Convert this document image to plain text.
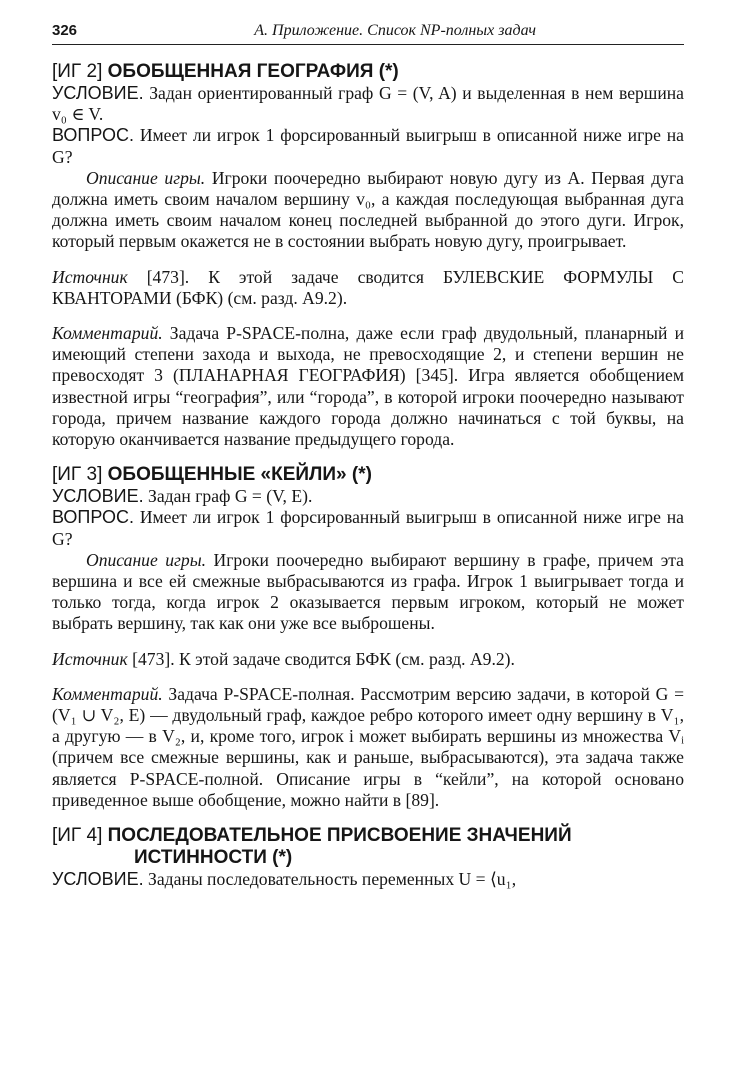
326	А. Приложение. Список NP-полных задач
[ИГ 2] ОБОБЩЕННАЯ ГЕОГРАФИЯ (*)

УСЛОВИЕ. Задан ориентированный граф G = (V, A) и выделенная в нем вершина v₀ ∈ V.

ВОПРОС. Имеет ли игрок 1 форсированный выигрыш в описанной ниже игре на G?

Описание игры. Игроки поочередно выбирают новую дугу из A. Первая дуга должна иметь своим началом вершину v₀, а каждая последующая выбранная дуга должна иметь своим началом конец последней выбранной до этого дуги. Игрок, который первым окажется не в состоянии выбрать новую дугу, проигрывает.

Источник [473]. К этой задаче сводится БУЛЕВСКИЕ ФОРМУЛЫ С КВАНТОРАМИ (БФК) (см. разд. А9.2).

Комментарий. Задача P-SPACE-полна, даже если граф двудольный, планарный и имеющий степени захода и выхода, не превосходящие 2, и степени вершин не превосходят 3 (ПЛАНАРНАЯ ГЕОГРАФИЯ) [345]. Игра является обобщением известной игры “география”, или “города”, в которой игроки поочередно называют города, причем название каждого города должно начинаться с той буквы, на которую оканчивается название предыдущего города.

[ИГ 3] ОБОБЩЕННЫЕ «КЕЙЛИ» (*)

УСЛОВИЕ. Задан граф G = (V, E).

ВОПРОС. Имеет ли игрок 1 форсированный выигрыш в описанной ниже игре на G?

Описание игры. Игроки поочередно выбирают вершину в графе, причем эта вершина и все ей смежные выбрасываются из графа. Игрок 1 выигрывает тогда и только тогда, когда игрок 2 оказывается первым игроком, который не может выбрать вершину, так как они уже все выброшены.

Источник [473]. К этой задаче сводится БФК (см. разд. А9.2).

Комментарий. Задача P-SPACE-полная. Рассмотрим версию задачи, в которой G = (V₁ ∪ V₂, E) — двудольный граф, каждое ребро которого имеет одну вершину в V₁, а другую — в V₂, и, кроме того, игрок i может выбирать вершины из множества Vᵢ (причем все смежные вершины, как и раньше, выбрасываются), эта задача также является P-SPACE-полной. Описание игры в “кейли”, на которой основано приведенное выше обобщение, можно найти в [89].

[ИГ 4] ПОСЛЕДОВАТЕЛЬНОЕ ПРИСВОЕНИЕ ЗНАЧЕНИЙ ИСТИННОСТИ (*)

УСЛОВИЕ. Заданы последовательность переменных U = ⟨u₁,
